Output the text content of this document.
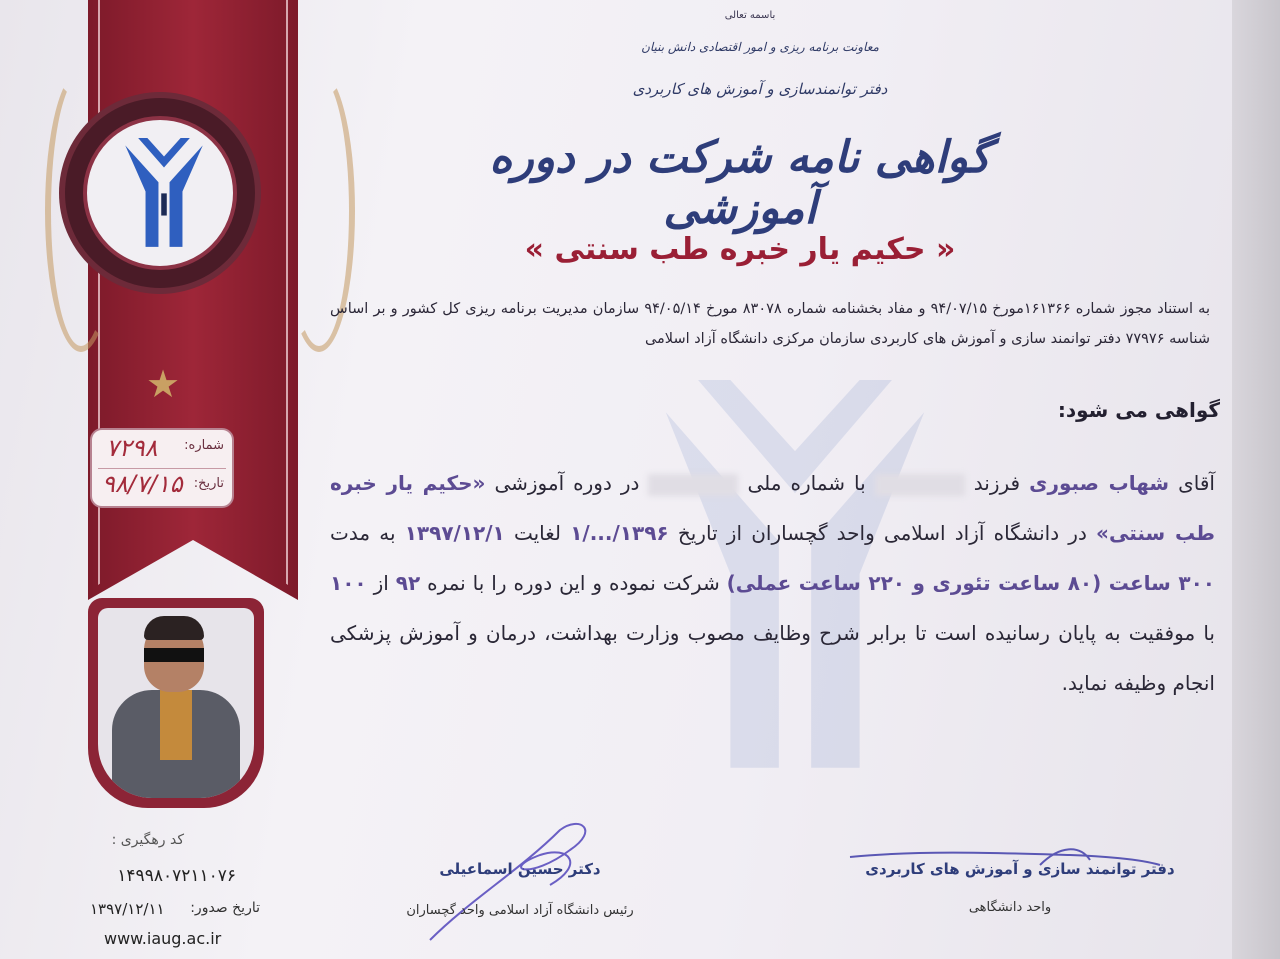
★
شماره:
۷۲۹۸
تاریخ:
۹۸/۷/۱۵
کد رهگیری :
۱۴۹۹۸۰۷۲۱۱۰۷۶
تاریخ صدور:
۱۳۹۷/۱۲/۱۱
www.iaug.ac.ir
باسمه تعالی
معاونت برنامه ریزی و امور اقتصادی دانش بنیان
دفتر توانمندسازی و آموزش های کاربردی
گواهی نامه شرکت در دوره آموزشی
« حکیم یار خبره طب سنتی »
به استناد مجوز شماره ۱۶۱۳۶۶مورخ ۹۴/۰۷/۱۵ و مفاد بخشنامه شماره ۸۳۰۷۸ مورخ ۹۴/۰۵/۱۴ سازمان مدیریت برنامه ریزی کل کشور و بر اساس شناسه ۷۷۹۷۶ دفتر توانمند سازی و آموزش های کاربردی سازمان مرکزی دانشگاه آزاد اسلامی
گواهی می شود:
آقای شهاب صبوری فرزند  با شماره ملی  در دوره آموزشی «حکیم یار خبره طب سنتی» در دانشگاه آزاد اسلامی واحد گچساران از تاریخ ۱۳۹۶/.../۱ لغایت ۱۳۹۷/۱۲/۱ به مدت ۳۰۰ ساعت (۸۰ ساعت تئوری و ۲۲۰ ساعت عملی) شرکت نموده و این دوره را با نمره ۹۲ از ۱۰۰ با موفقیت به پایان رسانیده است تا برابر شرح وظایف مصوب وزارت بهداشت، درمان و آموزش پزشکی انجام وظیفه نماید.
دکتر حسین اسماعیلی
رئیس دانشگاه آزاد اسلامی واحد گچساران
دفتر توانمند سازی و آموزش های کاربردی
واحد دانشگاهی
